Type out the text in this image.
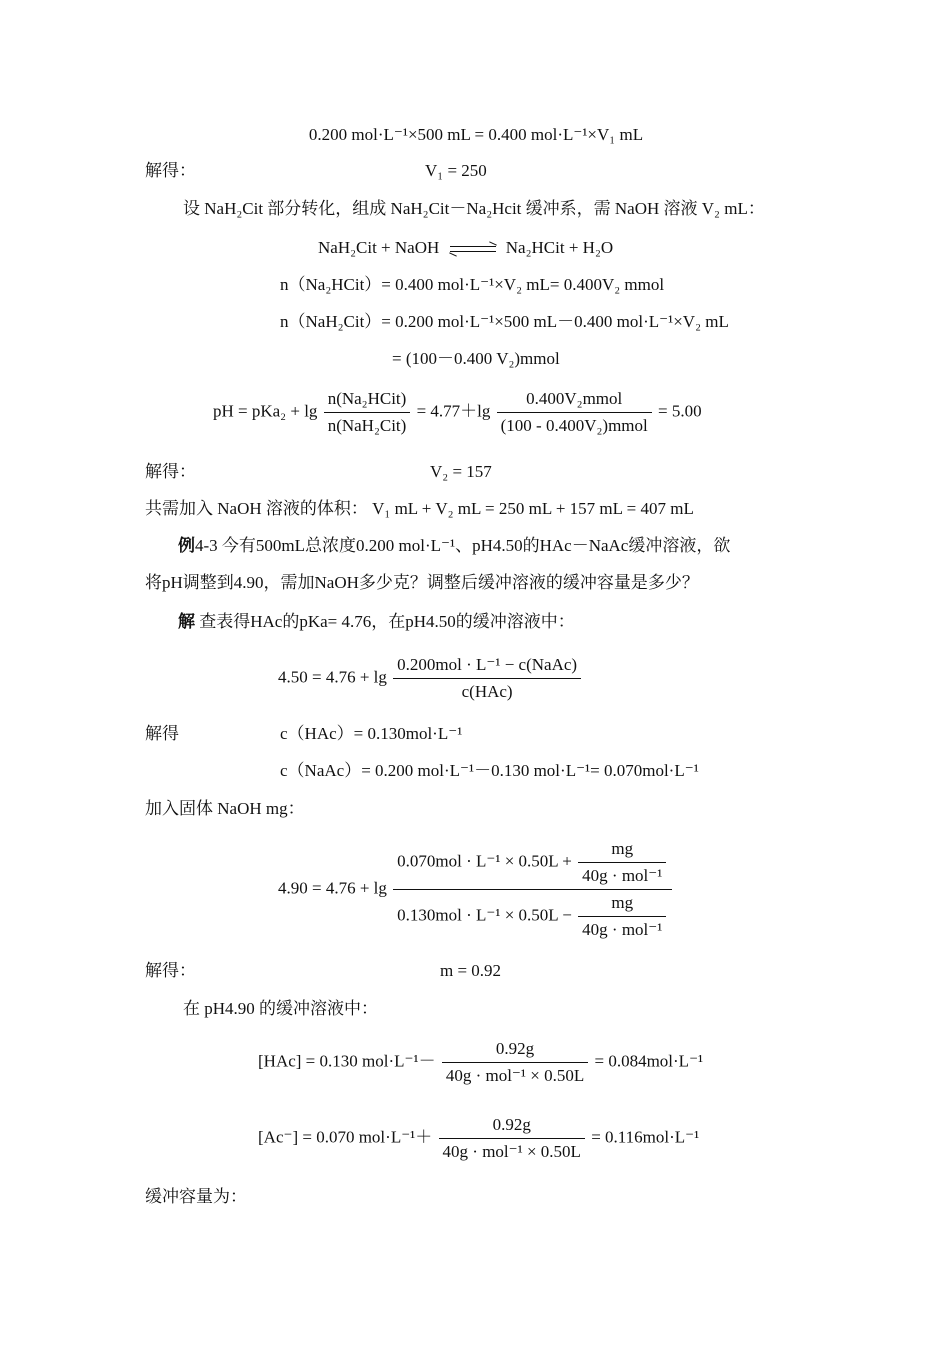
0.200 mol·L⁻¹×500 mL = 0.400 mol·L⁻¹×V₁ mL
解得：	V₁ = 250
设 NaH₂Cit 部分转化，组成 NaH₂Cit－Na₂Hcit 缓冲系，需 NaOH 溶液 V₂ mL：
NaH₂Cit + NaOH	Na₂HCit + H₂O
n（Na₂HCit）= 0.400 mol·L⁻¹×V₂ mL= 0.400V₂ mmol
n（NaH₂Cit）= 0.200 mol·L⁻¹×500 mL－0.400 mol·L⁻¹×V₂ mL
= (100－0.400 V₂)mmol
pH = $pKa_2 + \lg \frac{\text{n(Na₂HCit)}}{\text{n(NaH₂Cit)}} = 4.77+\lg \frac{\text{0.400V₂mmol}}{\text{(100 - 0.400V₂)mmol}} = 5.00$
解得：	V₂ = 157
共需加入 NaOH 溶液的体积： V₁ mL + V₂ mL = 250 mL + 157 mL = 407 mL
例4-3 今有500mL总浓度0.200 mol·L⁻¹、pH4.50的HAc－NaAc缓冲溶液，欲
将pH调整到4.90，需加NaOH多少克？调整后缓冲溶液的缓冲容量是多少？
解 查表得HAc的pKa= 4.76，在pH4.50的缓冲溶液中：
$4.50 = 4.76 + \lg \frac{\text{0.200mol · L⁻¹ − c(NaAc)}}{\text{c(HAc)}}$
解得	c（HAc）= 0.130mol·L⁻¹
c（NaAc）= 0.200 mol·L⁻¹－0.130 mol·L⁻¹= 0.070mol·L⁻¹
加入固体 NaOH mg：
4.90 = 4.76 + lg
$0.070mol \cdot L^{-1} \times 0.50L + \frac{mg}{\text{40g · mol⁻¹}}$
$0.130mol \cdot L^{-1} \times 0.50L - \frac{mg}{\text{40g · mol⁻¹}}$
解得：	m = 0.92
在 pH4.90 的缓冲溶液中：
[HAc] = 0.130 $mol\cdot L^{-1}- \frac{0.92g}{\text{40g · mol⁻¹ × 0.50L}} = 0.084mol\cdot L^{-1}$
[Ac⁻] = 0.070 $mol\cdot L^{-1}+ \frac{0.92g}{\text{40g · mol⁻¹ × 0.50L}} = 0.116mol\cdot L^{-1}$
缓冲容量为：
